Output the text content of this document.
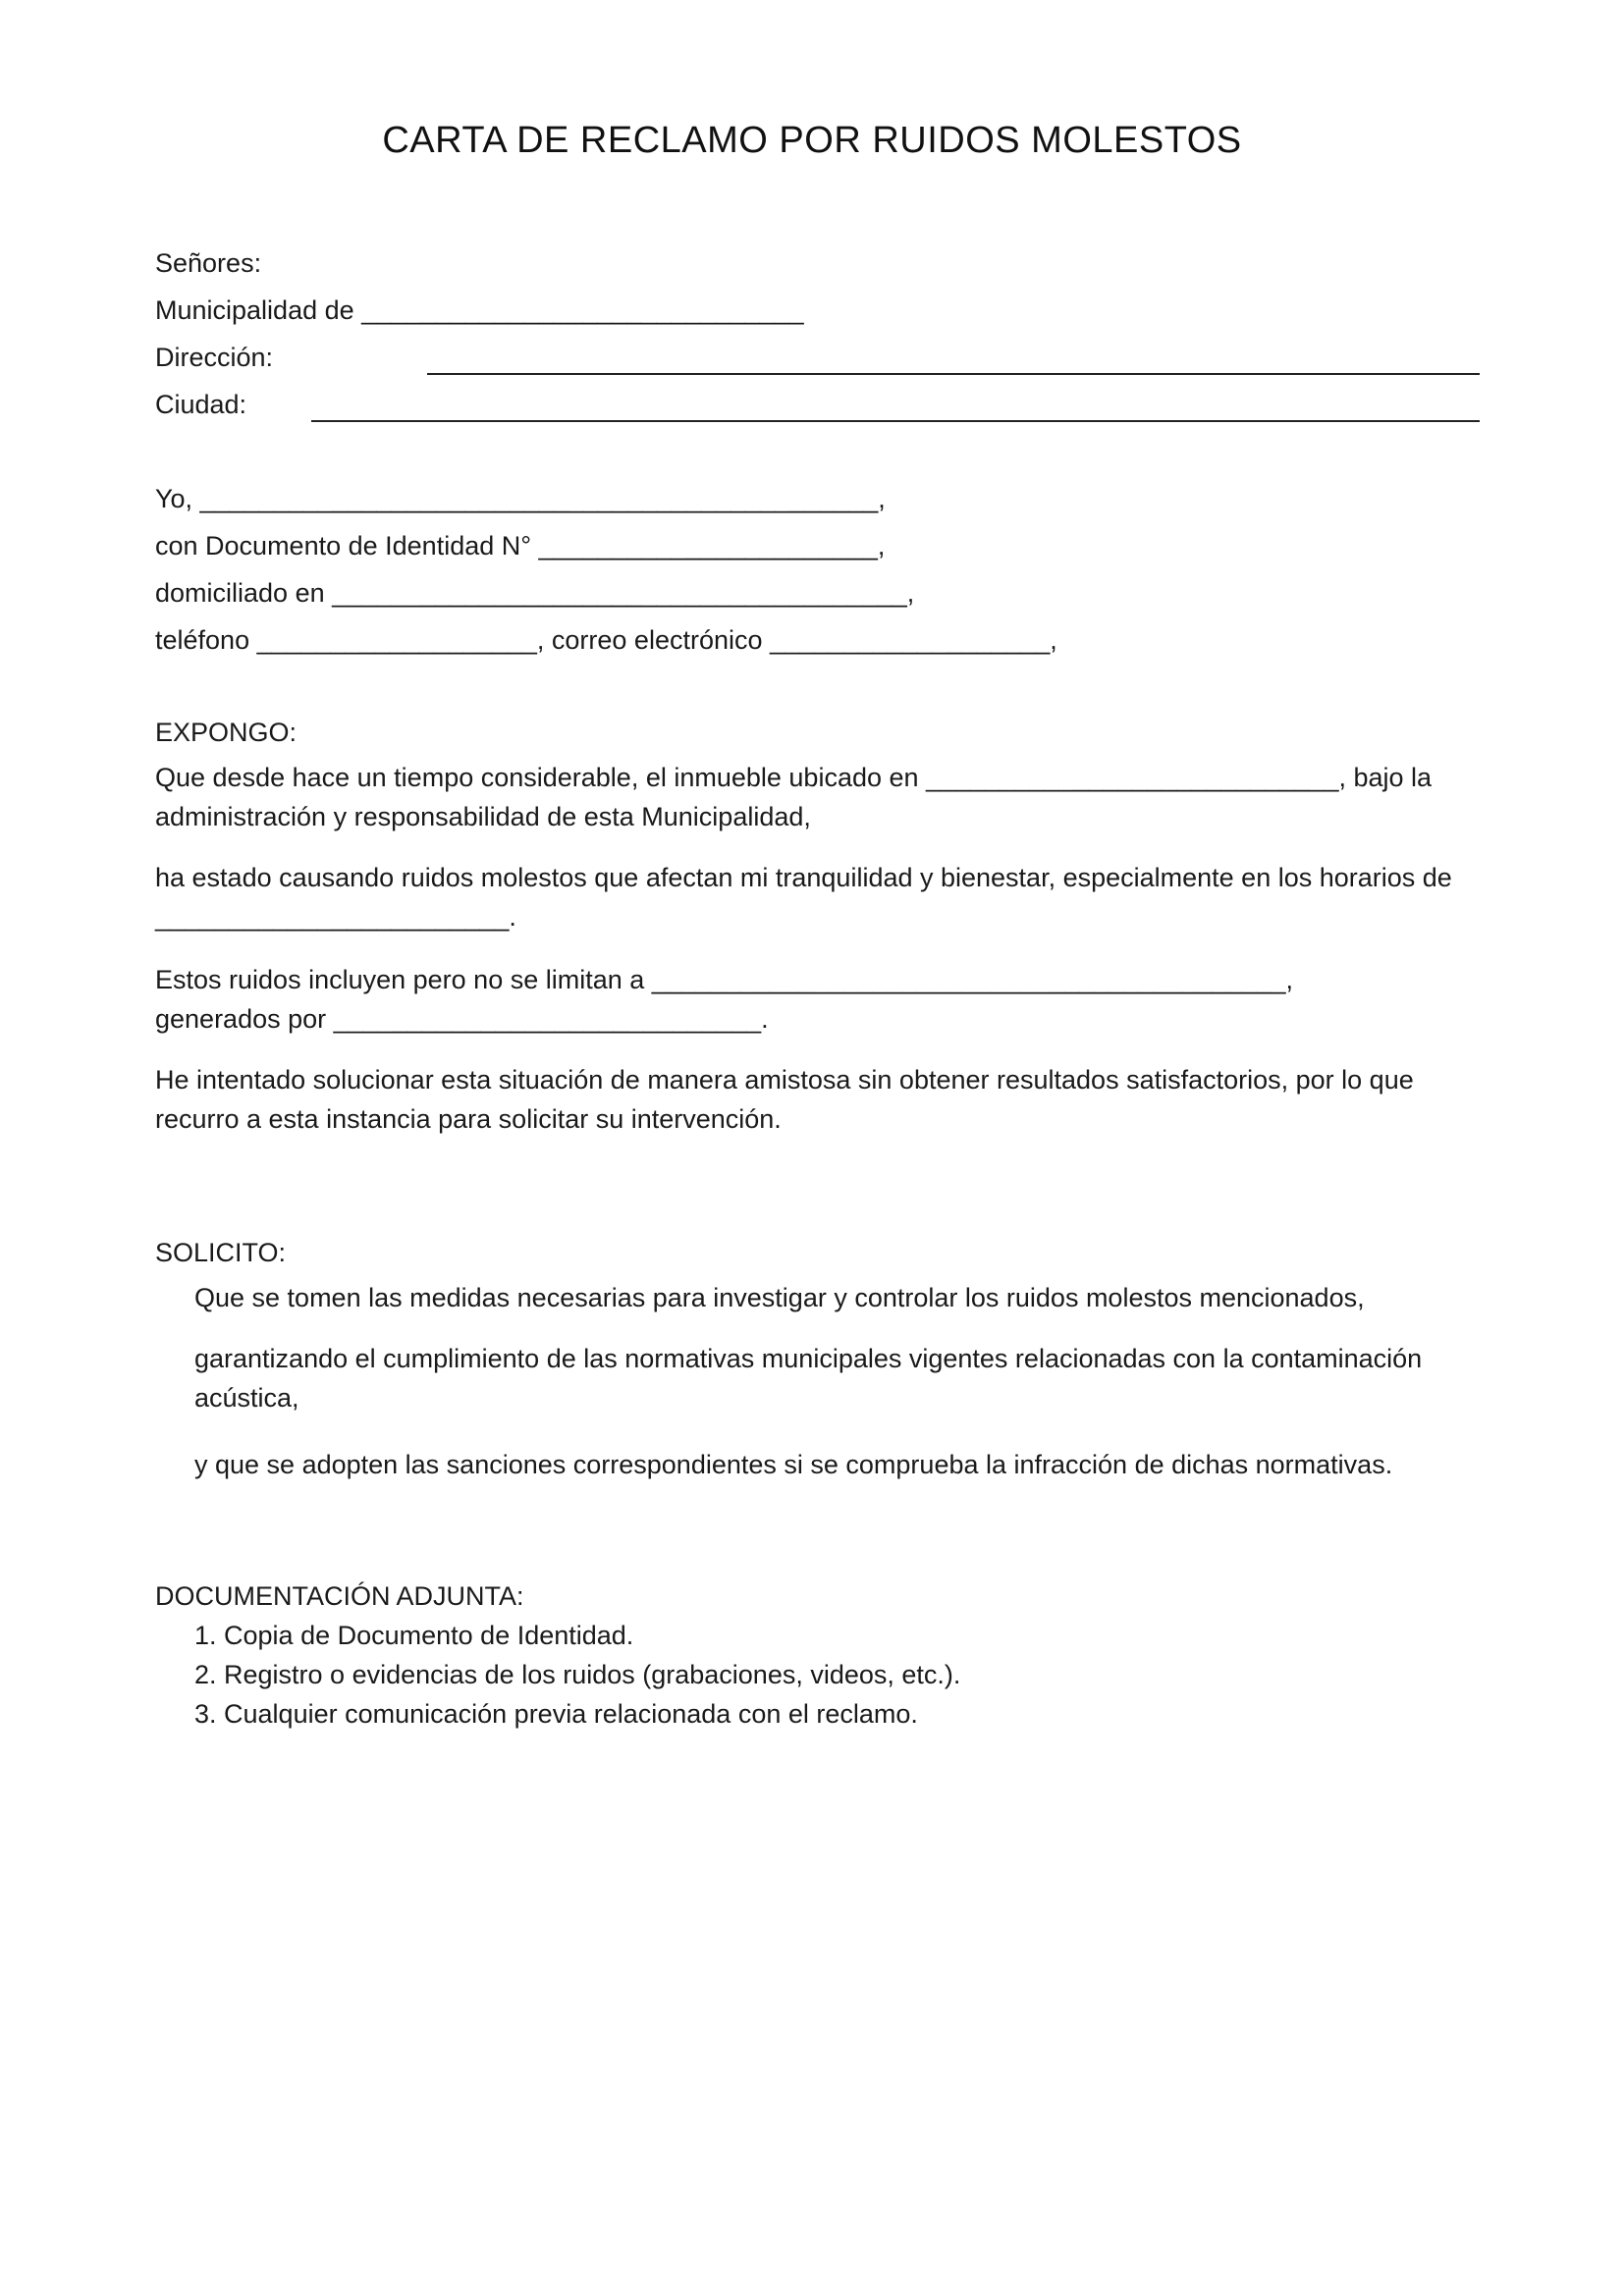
CARTA DE RECLAMO POR RUIDOS MOLESTOS
Señores:
Municipalidad de ______________________________
Dirección:
Ciudad:
Yo, ______________________________________________,
con Documento de Identidad N° _______________________,
domiciliado en _______________________________________,
teléfono ___________________, correo electrónico ___________________,
EXPONGO:
Que desde hace un tiempo considerable, el inmueble ubicado en ____________________________, bajo la administración y responsabilidad de esta Municipalidad,
ha estado causando ruidos molestos que afectan mi tranquilidad y bienestar, especialmente en los horarios de ________________________.
Estos ruidos incluyen pero no se limitan a ___________________________________________,
generados por _____________________________.
He intentado solucionar esta situación de manera amistosa sin obtener resultados satisfactorios, por lo que recurro a esta instancia para solicitar su intervención.
SOLICITO:
Que se tomen las medidas necesarias para investigar y controlar los ruidos molestos mencionados,
garantizando el cumplimiento de las normativas municipales vigentes relacionadas con la contaminación acústica,
y que se adopten las sanciones correspondientes si se comprueba la infracción de dichas normativas.
DOCUMENTACIÓN ADJUNTA:
1. Copia de Documento de Identidad.
2. Registro o evidencias de los ruidos (grabaciones, videos, etc.).
3. Cualquier comunicación previa relacionada con el reclamo.
